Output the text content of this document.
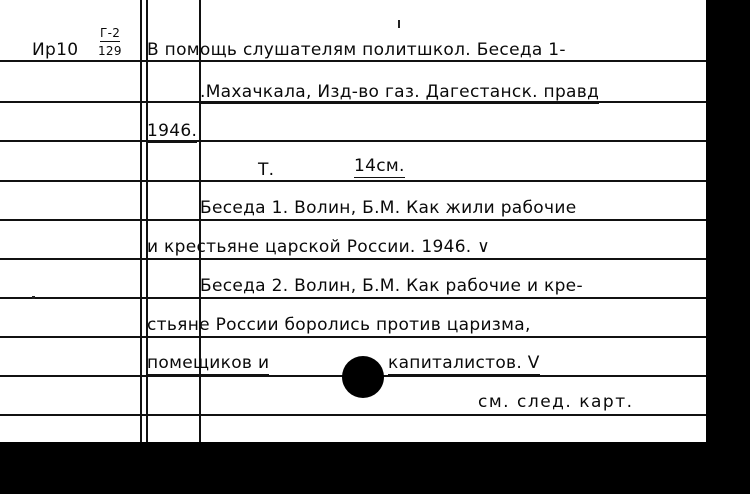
Ир10
Г-2
129 В помощь слушателям политшкол. Беседа 1-
.Махачкала, Изд-во газ. Дагестанск. правд
1946.
Т.	14см.
Беседа 1. Волин, Б.М. Как жили рабочие
и крестьяне царской России. 1946. ∨
Беседа 2. Волин, Б.М. Как рабочие и кре-
стьяне России боролись против царизма,
помещиков и	капиталистов. V
см. след. карт.
